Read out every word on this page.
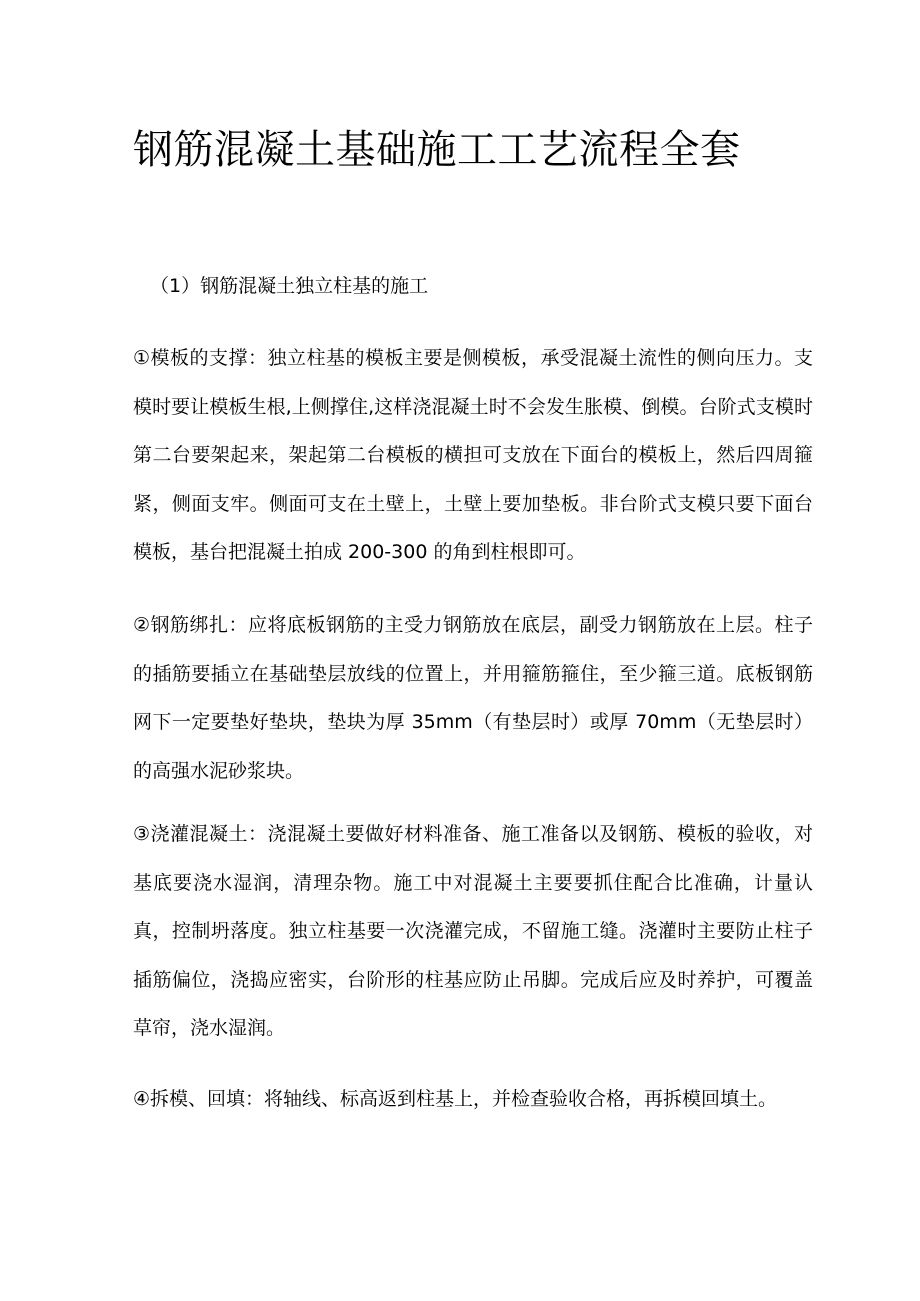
钢筋混凝土基础施工工艺流程全套
（1）钢筋混凝土独立柱基的施工

①模板的支撑：独立柱基的模板主要是侧模板，承受混凝土流性的侧向压力。支模时要让模板生根,上侧撑住,这样浇混凝土时不会发生胀模、倒模。台阶式支模时第二台要架起来，架起第二台模板的横担可支放在下面台的模板上，然后四周箍紧，侧面支牢。侧面可支在土壁上，土壁上要加垫板。非台阶式支模只要下面台模板，基台把混凝土拍成 200-300 的角到柱根即可。

②钢筋绑扎：应将底板钢筋的主受力钢筋放在底层，副受力钢筋放在上层。柱子的插筋要插立在基础垫层放线的位置上，并用箍筋箍住，至少箍三道。底板钢筋网下一定要垫好垫块，垫块为厚 35mm（有垫层时）或厚 70mm（无垫层时）的高强水泥砂浆块。

③浇灌混凝土：浇混凝土要做好材料准备、施工准备以及钢筋、模板的验收，对基底要浇水湿润，清理杂物。施工中对混凝土主要要抓住配合比准确，计量认真，控制坍落度。独立柱基要一次浇灌完成，不留施工缝。浇灌时主要防止柱子插筋偏位，浇捣应密实，台阶形的柱基应防止吊脚。完成后应及时养护，可覆盖草帘，浇水湿润。

④拆模、回填：将轴线、标高返到柱基上，并检查验收合格，再拆模回填土。
